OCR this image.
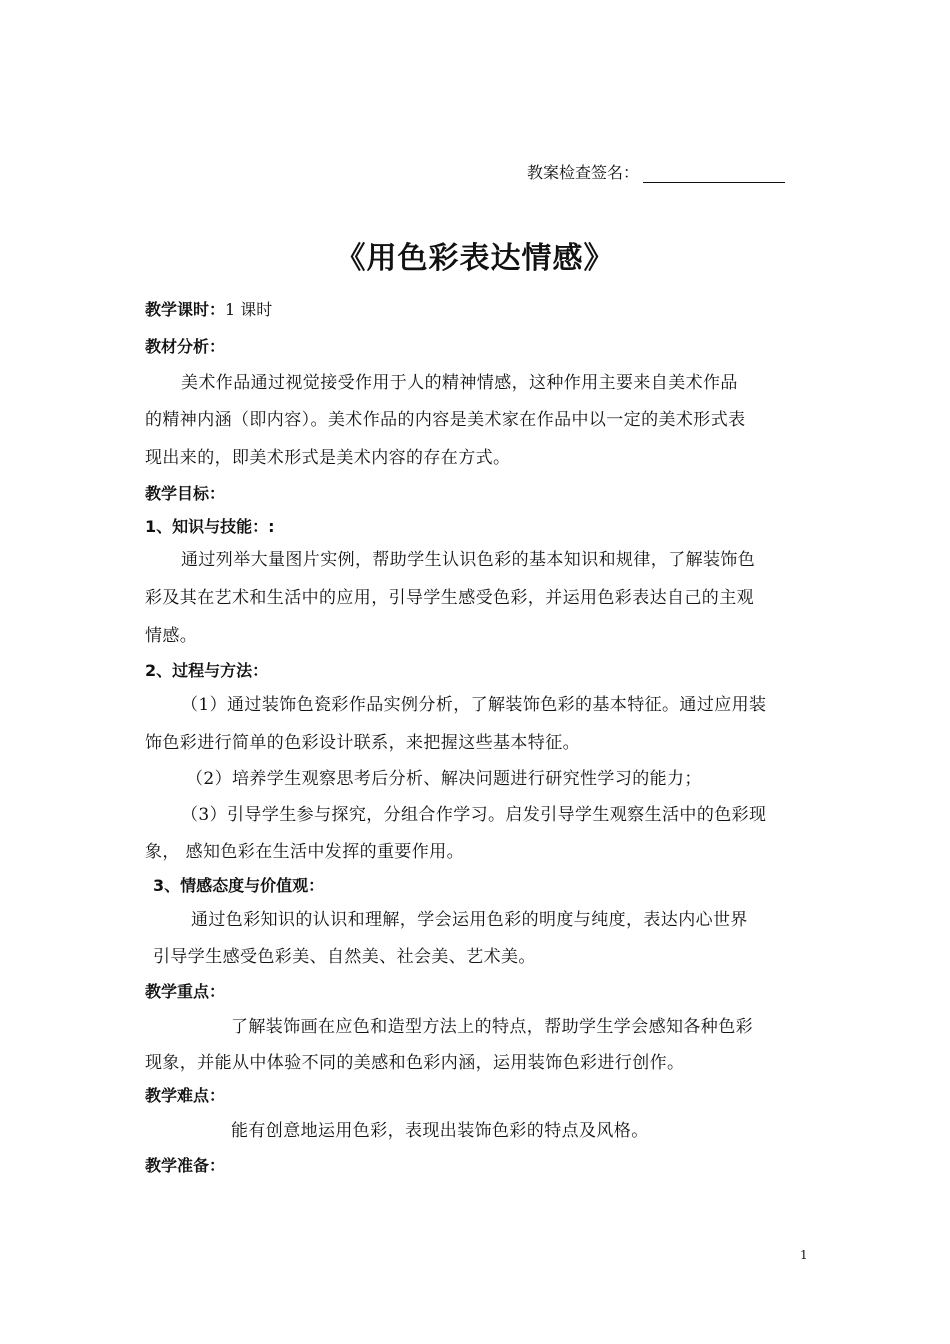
教案检查签名：
《用色彩表达情感》
教学课时：1 课时
教材分析：
美术作品通过视觉接受作用于人的精神情感，这种作用主要来自美术作品
的精神内涵（即内容）。美术作品的内容是美术家在作品中以一定的美术形式表
现出来的，即美术形式是美术内容的存在方式。
教学目标：
1、知识与技能：:
通过列举大量图片实例，帮助学生认识色彩的基本知识和规律，了解装饰色
彩及其在艺术和生活中的应用，引导学生感受色彩，并运用色彩表达自己的主观
情感。
2、过程与方法：
（1）通过装饰色瓷彩作品实例分析，了解装饰色彩的基本特征。通过应用装
饰色彩进行简单的色彩设计联系，来把握这些基本特征。
（2）培养学生观察思考后分析、解决问题进行研究性学习的能力；
（3）引导学生参与探究，分组合作学习。启发引导学生观察生活中的色彩现
象， 感知色彩在生活中发挥的重要作用。
3、情感态度与价值观：
通过色彩知识的认识和理解，学会运用色彩的明度与纯度，表达内心世界
引导学生感受色彩美、自然美、社会美、艺术美。
教学重点：
了解装饰画在应色和造型方法上的特点，帮助学生学会感知各种色彩
现象，并能从中体验不同的美感和色彩内涵，运用装饰色彩进行创作。
教学难点：
能有创意地运用色彩，表现出装饰色彩的特点及风格。
教学准备：
1
